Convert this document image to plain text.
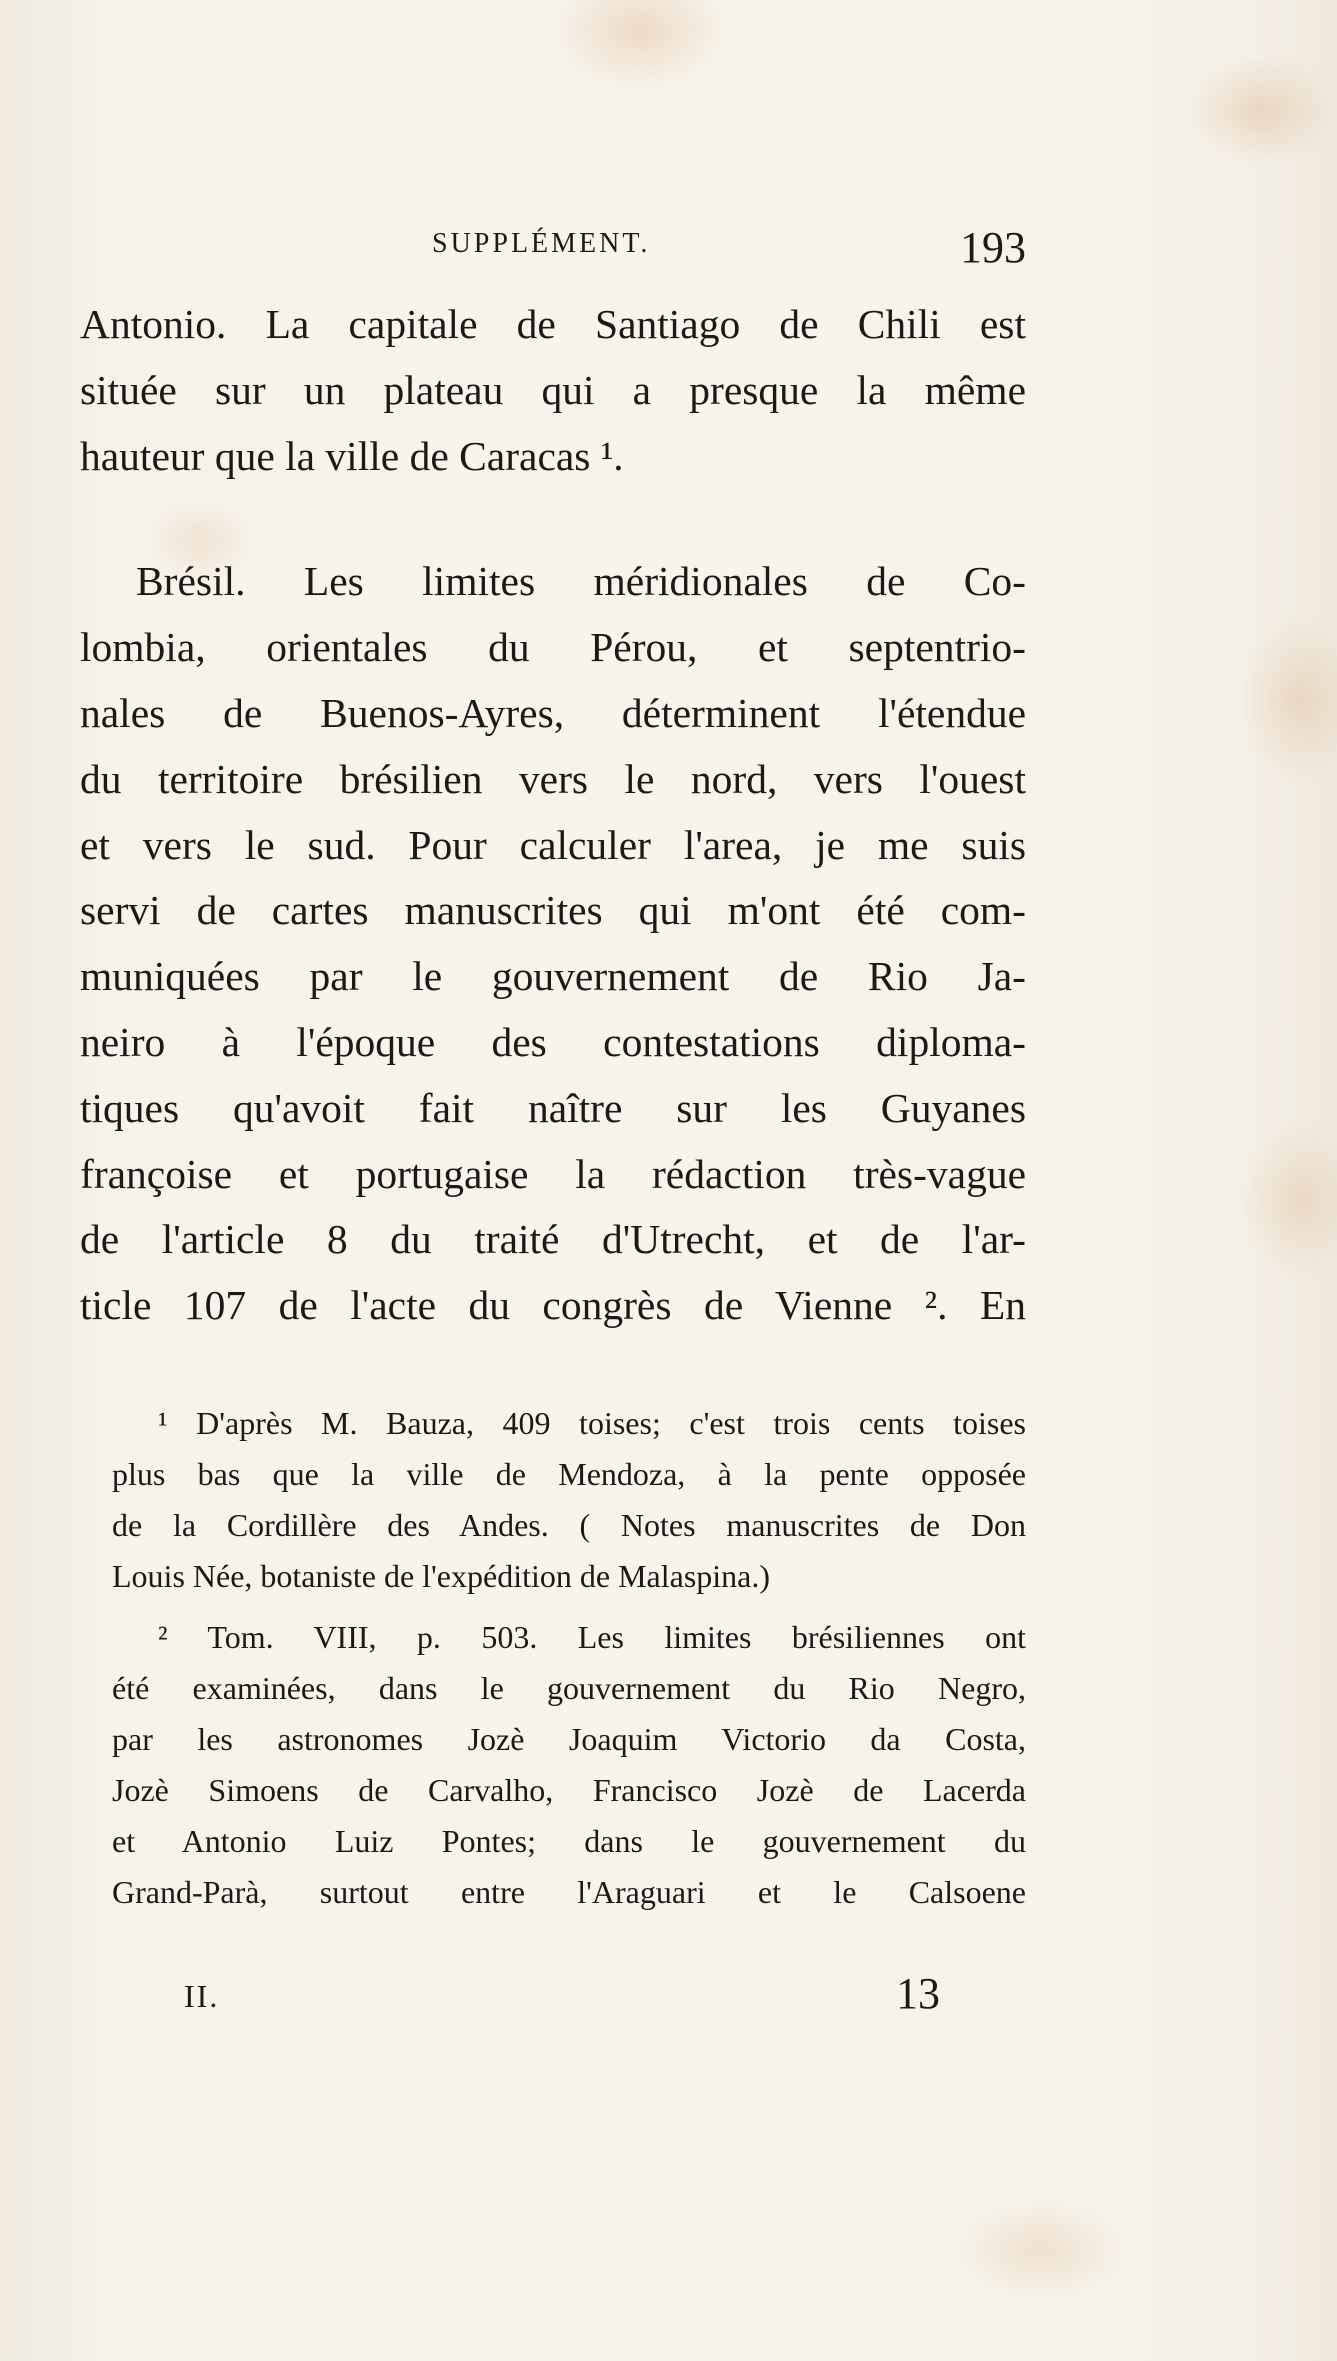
SUPPLÉMENT.	193
Antonio. La capitale de Santiago de Chili est
située sur un plateau qui a presque la même
hauteur que la ville de Caracas ¹.
Brésil. Les limites méridionales de Co-
lombia, orientales du Pérou, et septentrio-
nales de Buenos-Ayres, déterminent l'étendue
du territoire brésilien vers le nord, vers l'ouest
et vers le sud. Pour calculer l'area, je me suis
servi de cartes manuscrites qui m'ont été com-
muniquées par le gouvernement de Rio Ja-
neiro à l'époque des contestations diploma-
tiques qu'avoit fait naître sur les Guyanes
françoise et portugaise la rédaction très-vague
de l'article 8 du traité d'Utrecht, et de l'ar-
ticle 107 de l'acte du congrès de Vienne ². En
¹ D'après M. Bauza, 409 toises; c'est trois cents toises
plus bas que la ville de Mendoza, à la pente opposée
de la Cordillère des Andes. ( Notes manuscrites de Don
Louis Née, botaniste de l'expédition de Malaspina.)
² Tom. VIII, p. 503. Les limites brésiliennes ont
été examinées, dans le gouvernement du Rio Negro,
par les astronomes Jozè Joaquim Victorio da Costa,
Jozè Simoens de Carvalho, Francisco Jozè de Lacerda
et Antonio Luiz Pontes; dans le gouvernement du
Grand-Parà, surtout entre l'Araguari et le Calsoene
II.	13
